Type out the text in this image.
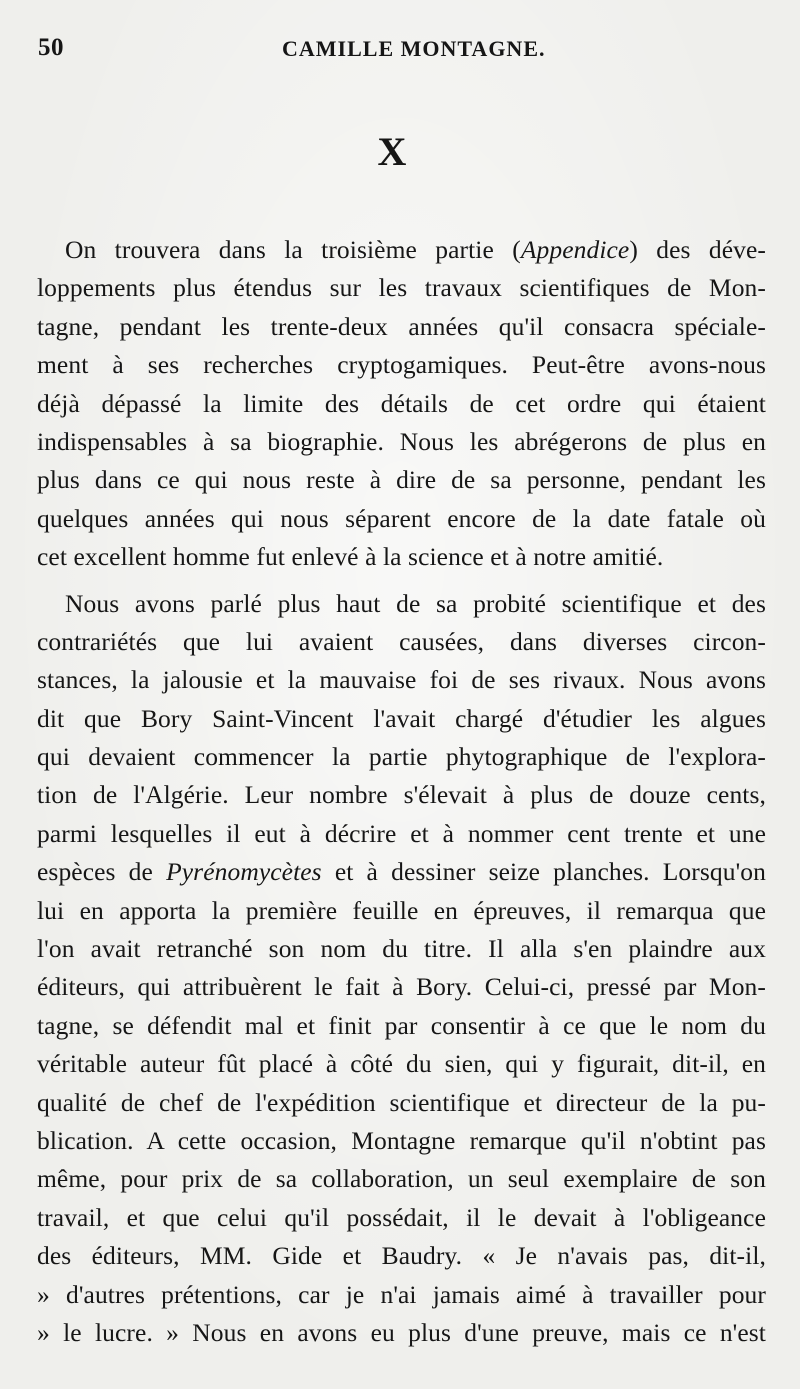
50	CAMILLE MONTAGNE.
X
On trouvera dans la troisième partie (Appendice) des déve-
loppements plus étendus sur les travaux scientifiques de Mon-
tagne, pendant les trente-deux années qu'il consacra spéciale-
ment à ses recherches cryptogamiques. Peut-être avons-nous
déjà dépassé la limite des détails de cet ordre qui étaient
indispensables à sa biographie. Nous les abrégerons de plus en
plus dans ce qui nous reste à dire de sa personne, pendant les
quelques années qui nous séparent encore de la date fatale où
cet excellent homme fut enlevé à la science et à notre amitié.
Nous avons parlé plus haut de sa probité scientifique et des
contrariétés que lui avaient causées, dans diverses circon-
stances, la jalousie et la mauvaise foi de ses rivaux. Nous avons
dit que Bory Saint-Vincent l'avait chargé d'étudier les algues
qui devaient commencer la partie phytographique de l'explora-
tion de l'Algérie. Leur nombre s'élevait à plus de douze cents,
parmi lesquelles il eut à décrire et à nommer cent trente et une
espèces de Pyrénomycètes et à dessiner seize planches. Lorsqu'on
lui en apporta la première feuille en épreuves, il remarqua que
l'on avait retranché son nom du titre. Il alla s'en plaindre aux
éditeurs, qui attribuèrent le fait à Bory. Celui-ci, pressé par Mon-
tagne, se défendit mal et finit par consentir à ce que le nom du
véritable auteur fût placé à côté du sien, qui y figurait, dit-il, en
qualité de chef de l'expédition scientifique et directeur de la pu-
blication. A cette occasion, Montagne remarque qu'il n'obtint pas
même, pour prix de sa collaboration, un seul exemplaire de son
travail, et que celui qu'il possédait, il le devait à l'obligeance
des éditeurs, MM. Gide et Baudry. « Je n'avais pas, dit-il,
» d'autres prétentions, car je n'ai jamais aimé à travailler pour
» le lucre. » Nous en avons eu plus d'une preuve, mais ce n'est
